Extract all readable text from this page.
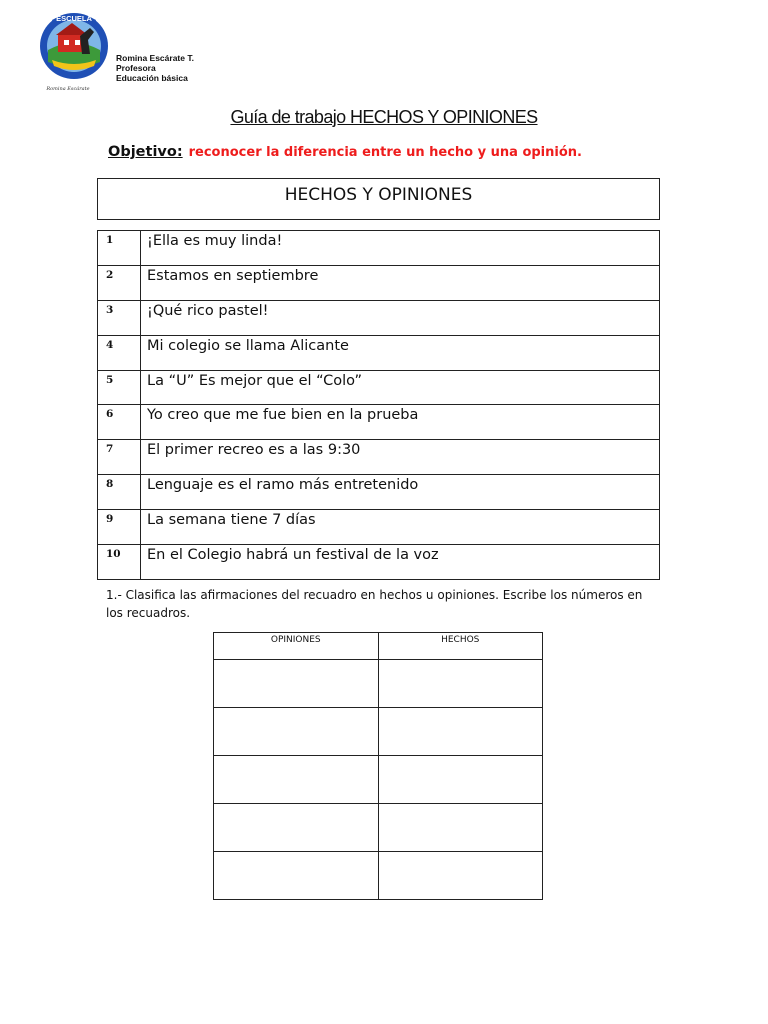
ESCUELA
Romina Escárate
Romina Escárate T.
Profesora
Educación básica
Guía de trabajo HECHOS Y OPINIONES
Objetivo: reconocer la diferencia entre un hecho y una opinión.
HECHOS Y OPINIONES
1	¡Ella es muy linda!
2	Estamos en septiembre
3	¡Qué rico pastel!
4	Mi colegio se llama Alicante
5	La “U” Es mejor que el “Colo”
6	Yo creo que me fue bien en la prueba
7	El primer recreo es a las 9:30
8	Lenguaje es el ramo más entretenido
9	La semana tiene 7 días
10	En el Colegio habrá un festival de la voz
1.- Clasifica las afirmaciones del recuadro en hechos u opiniones. Escribe los números en los recuadros.
OPINIONES	HECHOS
